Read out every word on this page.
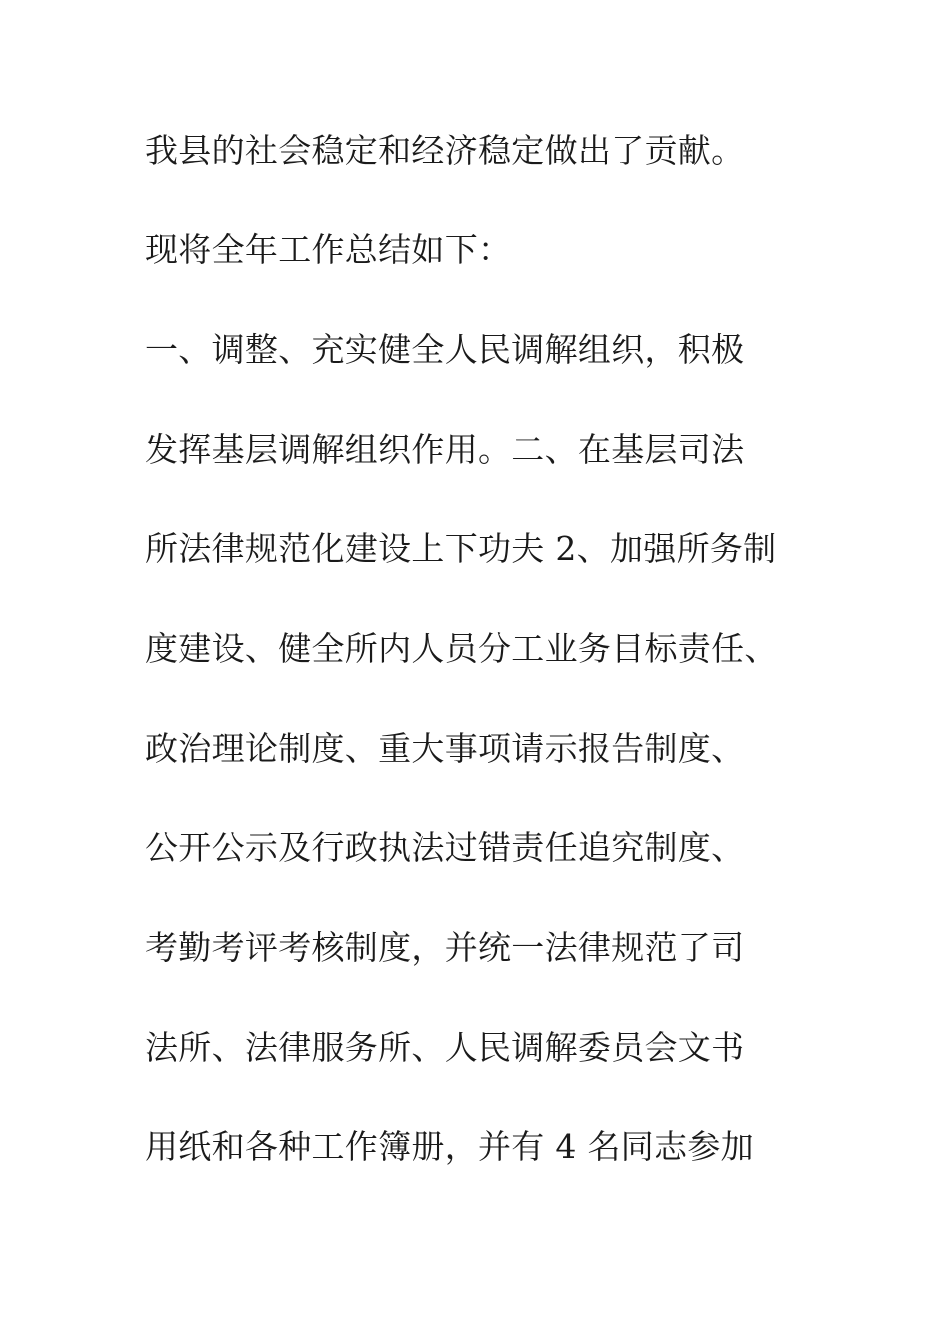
我县的社会稳定和经济稳定做出了贡献。
现将全年工作总结如下：
一、调整、充实健全人民调解组织，积极
发挥基层调解组织作用。二、在基层司法
所法律规范化建设上下功夫 2、加强所务制
度建设、健全所内人员分工业务目标责任、
政治理论制度、重大事项请示报告制度、
公开公示及行政执法过错责任追究制度、
考勤考评考核制度，并统一法律规范了司
法所、法律服务所、人民调解委员会文书
用纸和各种工作簿册，并有 4 名同志参加
